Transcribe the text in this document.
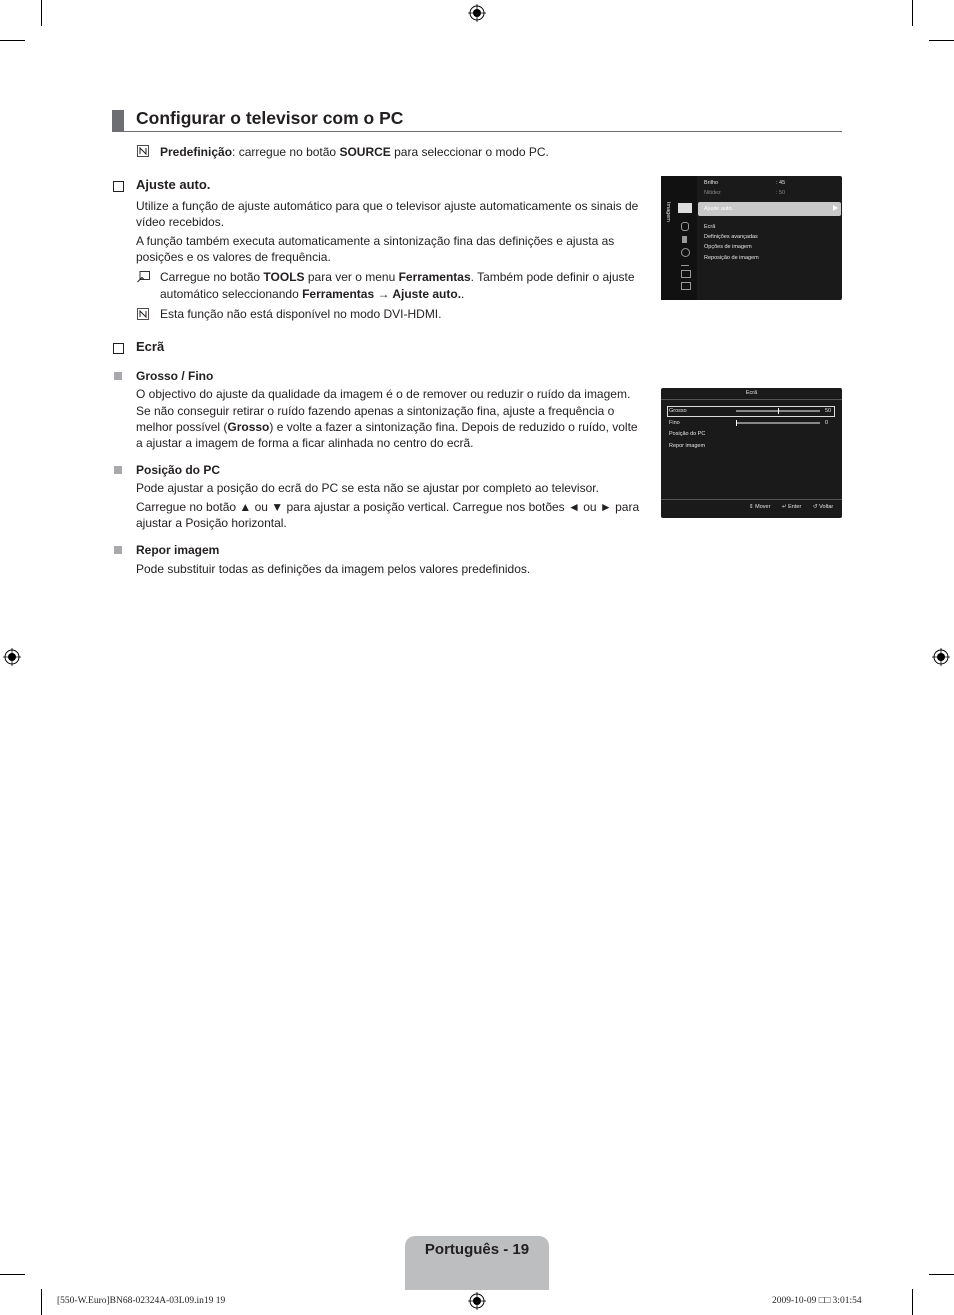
Configurar o televisor com o PC
Predefinição: carregue no botão SOURCE para seleccionar o modo PC.
Ajuste auto.
Utilize a função de ajuste automático para que o televisor ajuste automaticamente os sinais de
vídeo recebidos.
A função também executa automaticamente a sintonização fina das definições e ajusta as
posições e os valores de frequência.
Carregue no botão TOOLS para ver o menu Ferramentas. Também pode definir o ajuste
automático seleccionando Ferramentas → Ajuste auto..
Esta função não está disponível no modo DVI-HDMI.
Imagem
Brilho	: 45
Nitidez	: 50
Ajuste auto.
Ecrã
Definições avançadas
Opções de imagem
Reposição de imagem
Ecrã
Grosso / Fino
O objectivo do ajuste da qualidade da imagem é o de remover ou reduzir o ruído da imagem.
Se não conseguir retirar o ruído fazendo apenas a sintonização fina, ajuste a frequência o
melhor possível (Grosso) e volte a fazer a sintonização fina. Depois de reduzido o ruído, volte
a ajustar a imagem de forma a ficar alinhada no centro do ecrã.
Posição do PC
Pode ajustar a posição do ecrã do PC se esta não se ajustar por completo ao televisor.
Carregue no botão ▲ ou ▼ para ajustar a posição vertical. Carregue nos botões ◄ ou ► para
ajustar a Posição horizontal.
Repor imagem
Pode substituir todas as definições da imagem pelos valores predefinidos.
Ecrã
Grosso	50
Fino	0
Posição do PC
Repor imagem
⇕ Mover ↵ Enter ↺ Voltar
Português - 19
[550-W.Euro]BN68-02324A-03L09.in19 19	2009-10-09 □□ 3:01:54
